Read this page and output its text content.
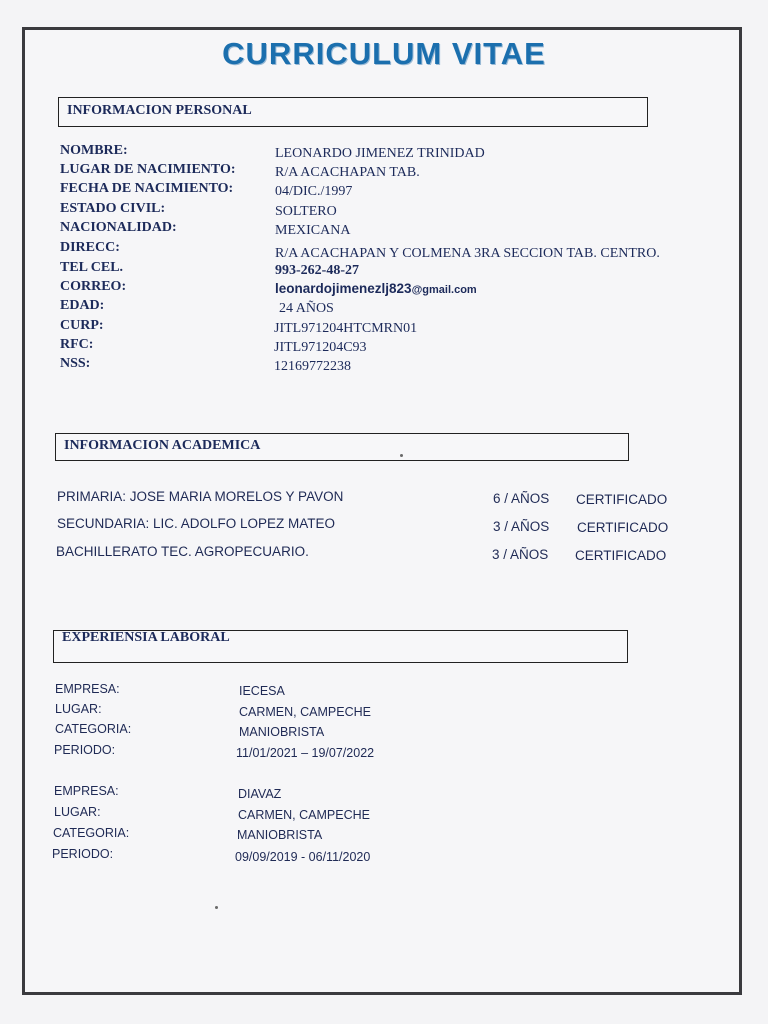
CURRICULUM VITAE
INFORMACION PERSONAL
NOMBRE:	LEONARDO JIMENEZ TRINIDAD
LUGAR DE NACIMIENTO:	R/A ACACHAPAN TAB.
FECHA DE NACIMIENTO:	04/DIC./1997
ESTADO CIVIL:	SOLTERO
NACIONALIDAD:	MEXICANA
DIRECC:	R/A ACACHAPAN Y COLMENA 3RA SECCION TAB. CENTRO.
TEL CEL.	993-262-48-27
CORREO:	leonardojimenezlj823@gmail.com
EDAD:	24 AÑOS
CURP:	JITL971204HTCMRN01
RFC:	JITL971204C93
NSS:	12169772238
INFORMACION ACADEMICA
PRIMARIA: JOSE MARIA MORELOS Y PAVON	6 / AÑOS CERTIFICADO
SECUNDARIA: LIC. ADOLFO LOPEZ MATEO	3 / AÑOS CERTIFICADO
BACHILLERATO TEC. AGROPECUARIO.	3 / AÑOS CERTIFICADO
EXPERIENSIA LABORAL
EMPRESA:	IECESA
LUGAR:	CARMEN, CAMPECHE
CATEGORIA:	MANIOBRISTA
PERIODO:	11/01/2021 – 19/07/2022
EMPRESA:	DIAVAZ
LUGAR:	CARMEN, CAMPECHE
CATEGORIA:	MANIOBRISTA
PERIODO:	09/09/2019 - 06/11/2020
